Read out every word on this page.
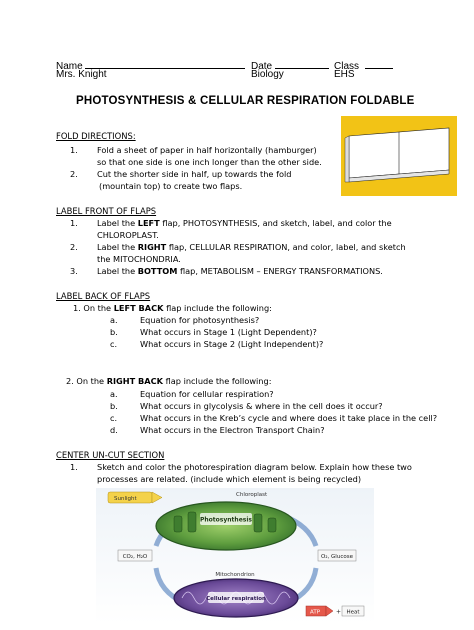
Name	Date	Class
Mrs. Knight	Biology	EHS
PHOTOSYNTHESIS & CELLULAR RESPIRATION FOLDABLE
FOLD DIRECTIONS:
1. Fold a sheet of paper in half horizontally (hamburger)
so that one side is one inch longer than the other side.
2. Cut the shorter side in half, up towards the fold
(mountain top) to create two flaps.
LABEL FRONT OF FLAPS
1. Label the LEFT flap, PHOTOSYNTHESIS, and sketch, label, and color the
CHLOROPLAST.
2. Label the RIGHT flap, CELLULAR RESPIRATION, and color, label, and sketch
the MITOCHONDRIA.
3. Label the BOTTOM flap, METABOLISM – ENERGY TRANSFORMATIONS.
LABEL BACK OF FLAPS
1. On the LEFT BACK flap include the following:
a.	Equation for photosynthesis?
b.	What occurs in Stage 1 (Light Dependent)?
c.	What occurs in Stage 2 (Light Independent)?
2. On the RIGHT BACK flap include the following:
a.	Equation for cellular respiration?
b.	What occurs in glycolysis & where in the cell does it occur?
c.	What occurs in the Kreb’s cycle and where does it take place in the cell?
d.	What occurs in the Electron Transport Chain?
CENTER UN-CUT SECTION
1. Sketch and color the photorespiration diagram below. Explain how these two
processes are related. (include which element is being recycled)
Sunlight
Chloroplast
Photosynthesis
CO₂, H₂O	O₂, Glucose
Mitochondrion
Cellular respiration
ATP	+ Heat
